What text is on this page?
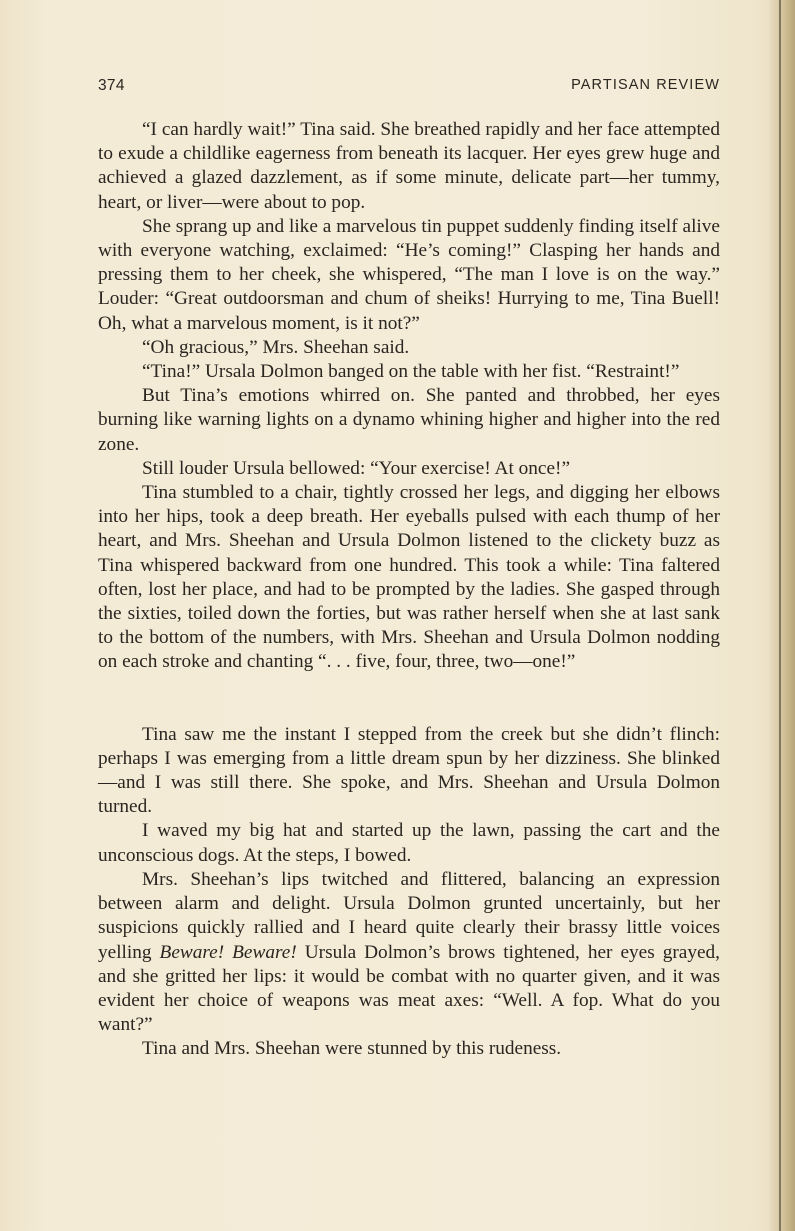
374	PARTISAN REVIEW

“I can hardly wait!” Tina said. She breathed rapidly and her face attempted to exude a childlike eagerness from beneath its lacquer. Her eyes grew huge and achieved a glazed dazzlement, as if some minute, delicate part—her tummy, heart, or liver—were about to pop.

She sprang up and like a marvelous tin puppet suddenly finding itself alive with everyone watching, exclaimed: “He’s coming!” Clasping her hands and pressing them to her cheek, she whispered, “The man I love is on the way.” Louder: “Great outdoorsman and chum of sheiks! Hurrying to me, Tina Buell! Oh, what a marvelous moment, is it not?”

“Oh gracious,” Mrs. Sheehan said.

“Tina!” Ursala Dolmon banged on the table with her fist. “Restraint!”

But Tina’s emotions whirred on. She panted and throbbed, her eyes burning like warning lights on a dynamo whining higher and higher into the red zone.

Still louder Ursula bellowed: “Your exercise! At once!”

Tina stumbled to a chair, tightly crossed her legs, and digging her elbows into her hips, took a deep breath. Her eyeballs pulsed with each thump of her heart, and Mrs. Sheehan and Ursula Dolmon listened to the clickety buzz as Tina whispered backward from one hundred. This took a while: Tina faltered often, lost her place, and had to be prompted by the ladies. She gasped through the sixties, toiled down the forties, but was rather herself when she at last sank to the bottom of the numbers, with Mrs. Sheehan and Ursula Dolmon nodding on each stroke and chanting “. . . five, four, three, two—one!”

Tina saw me the instant I stepped from the creek but she didn’t flinch: perhaps I was emerging from a little dream spun by her dizziness. She blinked—and I was still there. She spoke, and Mrs. Sheehan and Ursula Dolmon turned.

I waved my big hat and started up the lawn, passing the cart and the unconscious dogs. At the steps, I bowed.

Mrs. Sheehan’s lips twitched and flittered, balancing an expression between alarm and delight. Ursula Dolmon grunted uncertainly, but her suspicions quickly rallied and I heard quite clearly their brassy little voices yelling Beware! Beware! Ursula Dolmon’s brows tightened, her eyes grayed, and she gritted her lips: it would be combat with no quarter given, and it was evident her choice of weapons was meat axes: “Well. A fop. What do you want?”

Tina and Mrs. Sheehan were stunned by this rudeness.
